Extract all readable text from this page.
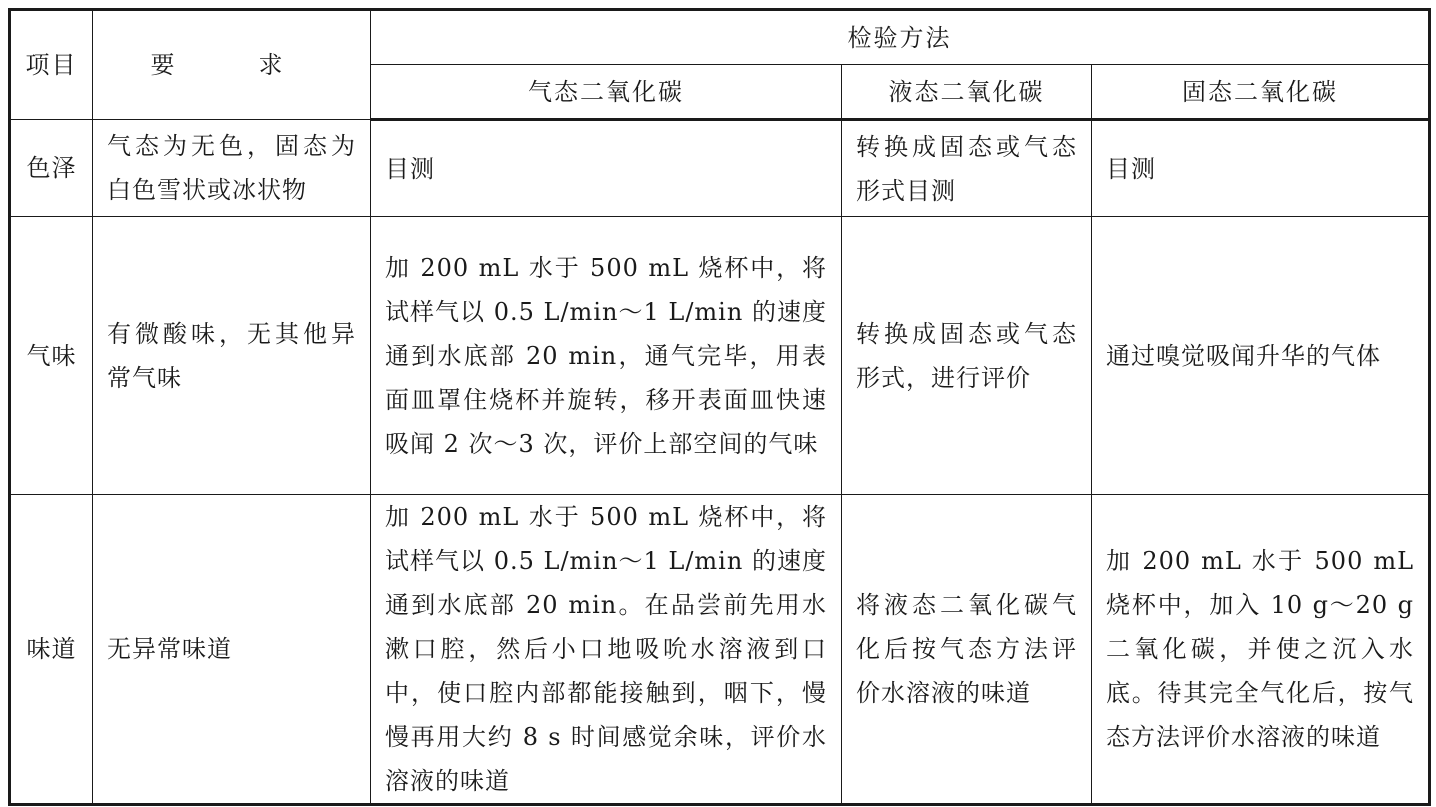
项目	要　求	检验方法		
		气态二氧化碳	液态二氧化碳	固态二氧化碳
色泽	气态为无色，固态为白色雪状或冰状物	目测	转换成固态或气态形式目测	目测
气味	有微酸味，无其他异常气味	加 200 mL 水于 500 mL 烧杯中，将试样气以 0.5 L/min～1 L/min 的速度通到水底部 20 min，通气完毕，用表面皿罩住烧杯并旋转，移开表面皿快速吸闻 2 次～3 次，评价上部空间的气味	转换成固态或气态形式，进行评价	通过嗅觉吸闻升华的气体
味道	无异常味道	加 200 mL 水于 500 mL 烧杯中，将试样气以 0.5 L/min～1 L/min 的速度通到水底部 20 min。在品尝前先用水漱口腔，然后小口地吸吮水溶液到口中，使口腔内部都能接触到，咽下，慢慢再用大约 8 s 时间感觉余味，评价水溶液的味道	将液态二氧化碳气化后按气态方法评价水溶液的味道	加 200 mL 水于 500 mL 烧杯中，加入 10 g～20 g 二氧化碳，并使之沉入水底。待其完全气化后，按气态方法评价水溶液的味道
